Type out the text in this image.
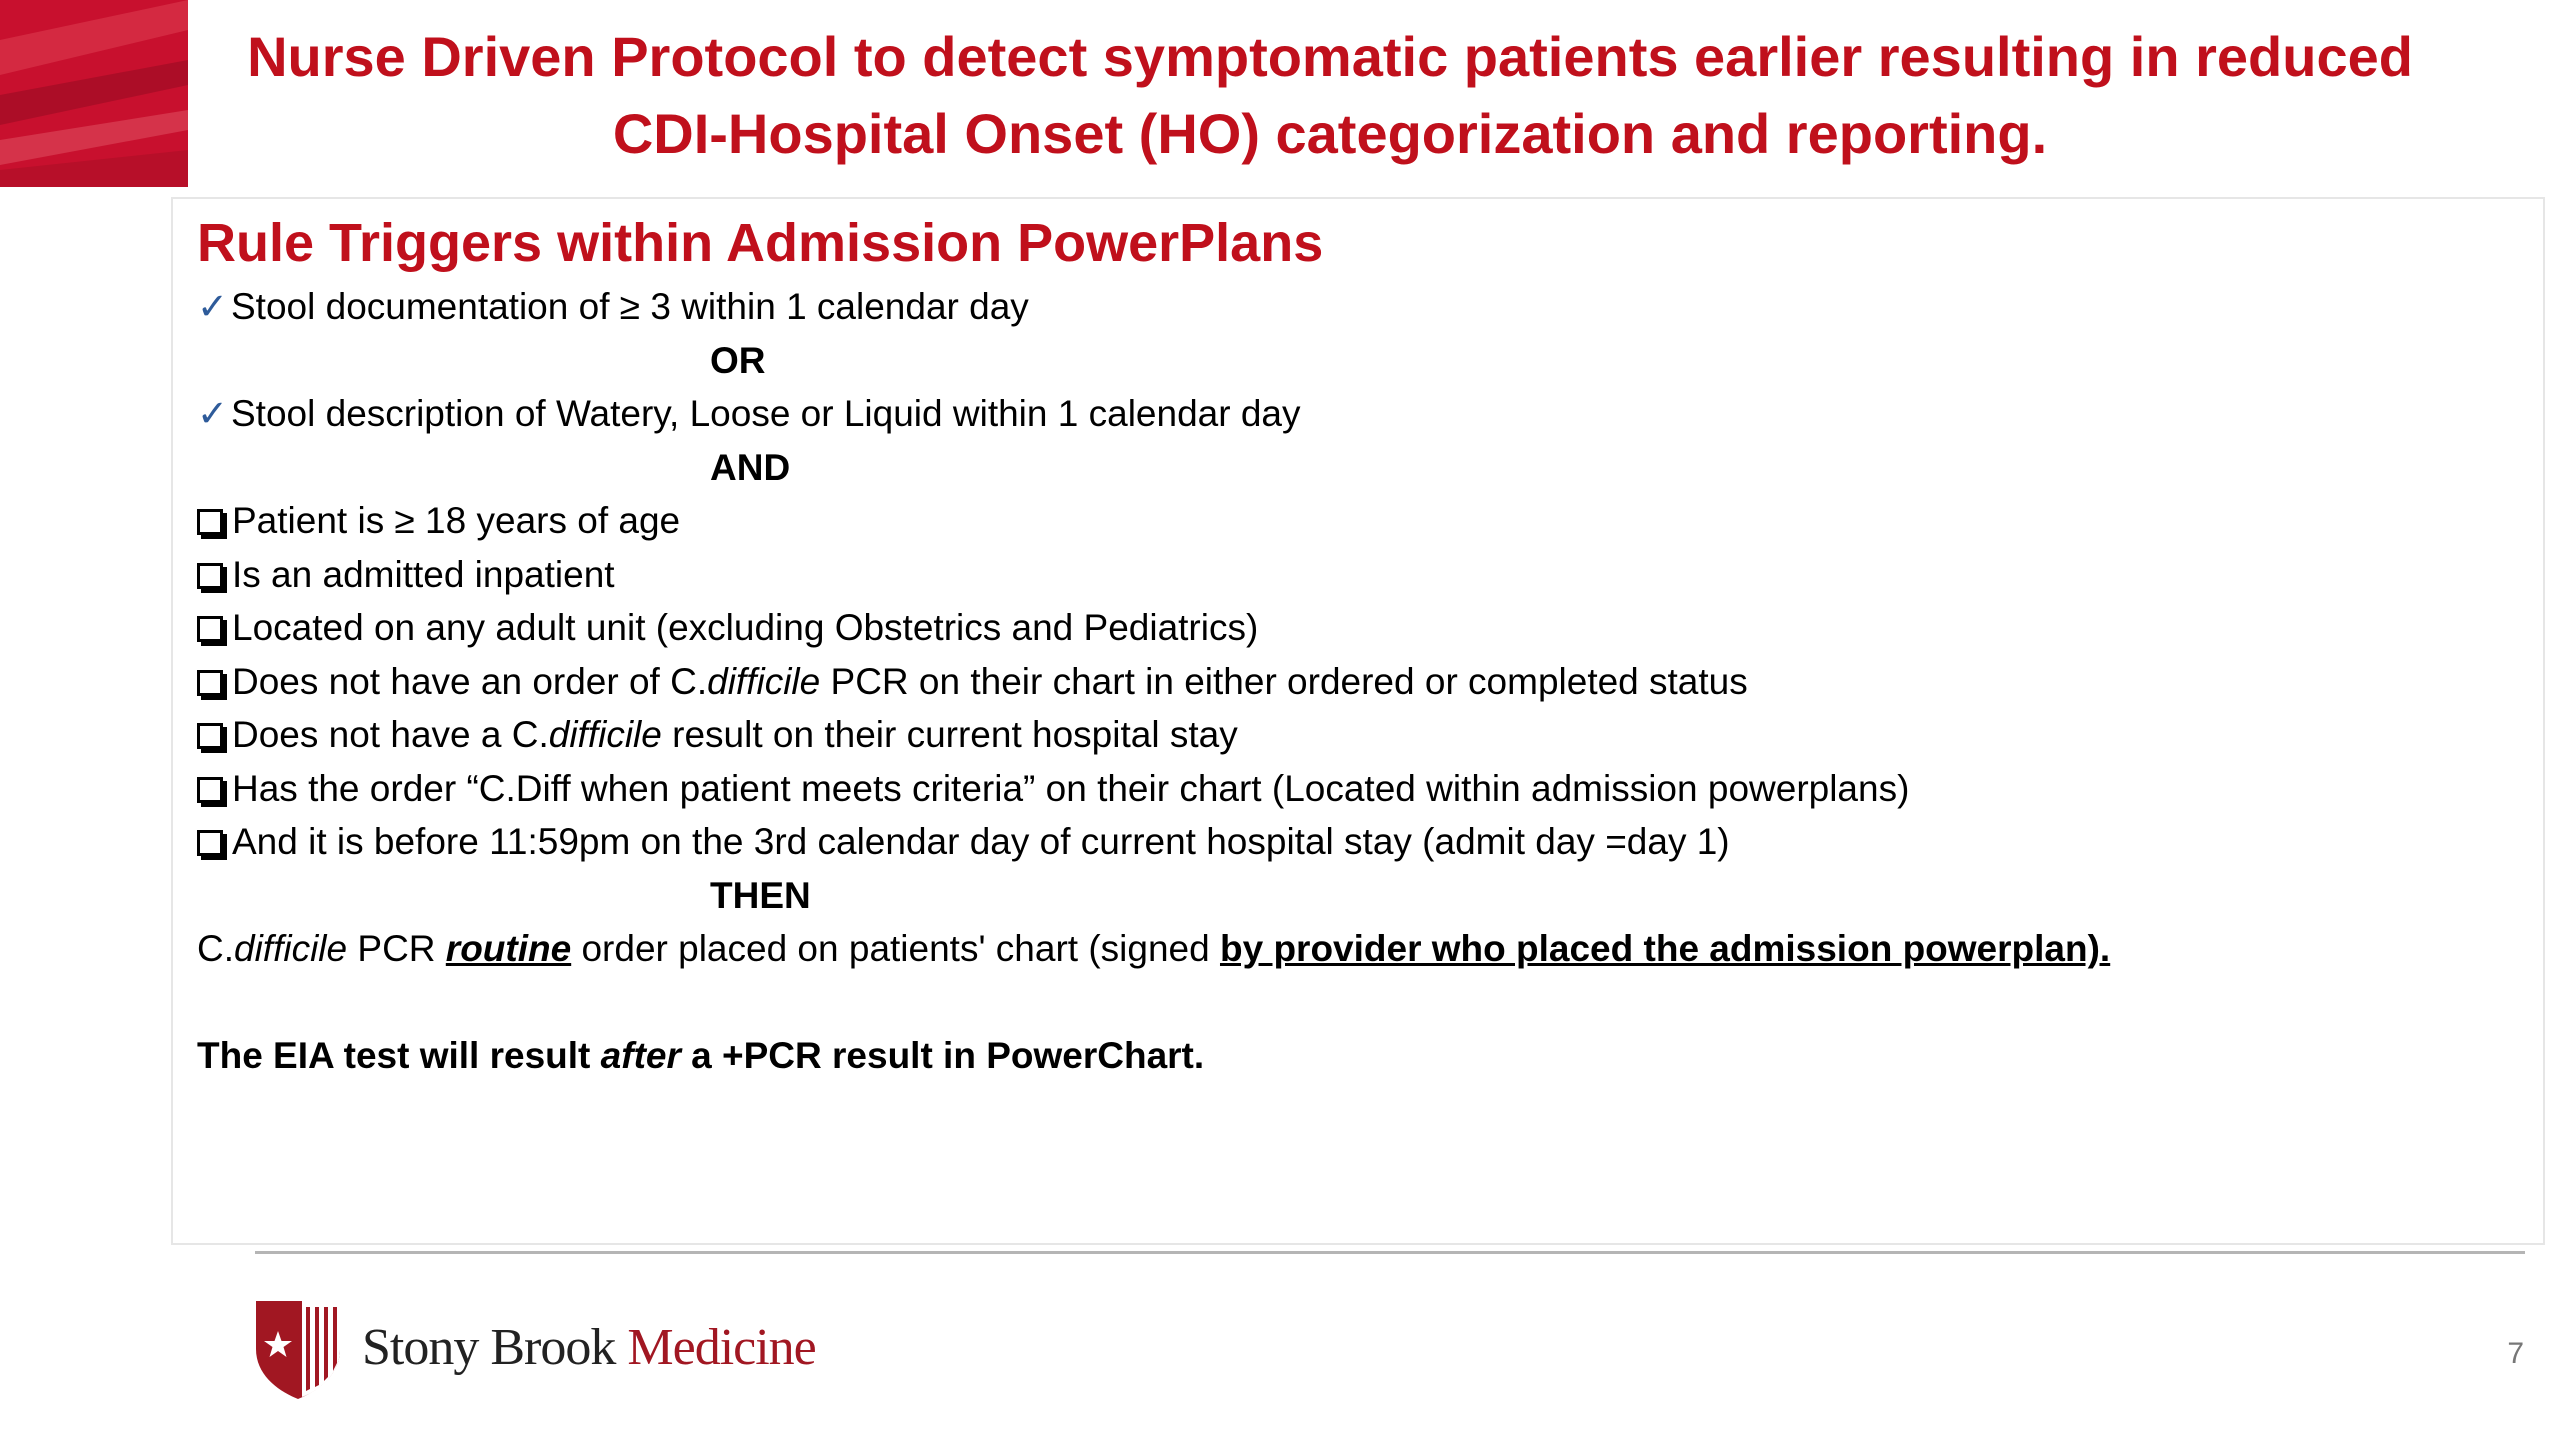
Nurse Driven Protocol to detect symptomatic patients earlier resulting in reduced
CDI-Hospital Onset (HO) categorization and reporting.

Rule Triggers within Admission PowerPlans

✓Stool documentation of ≥ 3 within 1 calendar day

OR

✓Stool description of Watery, Loose or Liquid within 1 calendar day

AND

Patient is ≥ 18 years of age

Is an admitted inpatient

Located on any adult unit (excluding Obstetrics and Pediatrics)

Does not have an order of C.difficile PCR on their chart in either ordered or completed status

Does not have a C.difficile result on their current hospital stay

Has the order “C.Diff when patient meets criteria” on their chart (Located within admission powerplans)

And it is before 11:59pm on the 3rd calendar day of current hospital stay (admit day =day 1)

THEN

C.difficile PCR routine order placed on patients' chart (signed by provider who placed the admission powerplan).

The EIA test will result after a +PCR result in PowerChart.

Stony Brook Medicine	7
